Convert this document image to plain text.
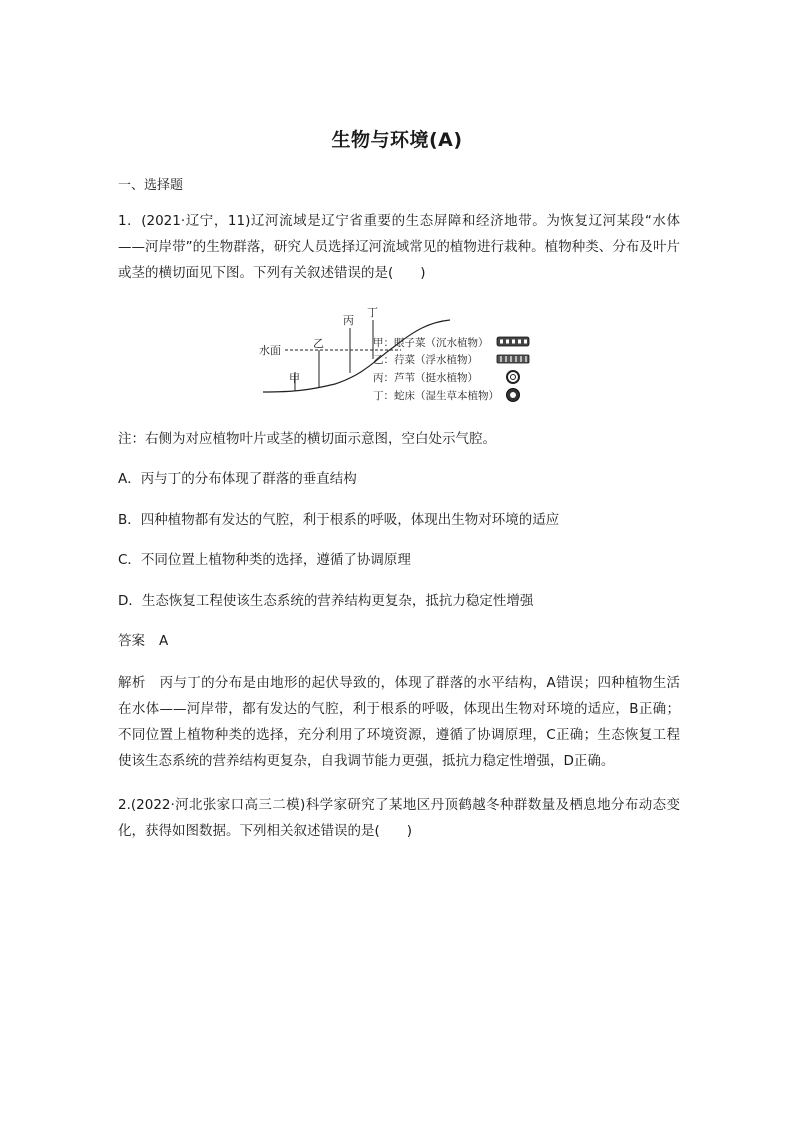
生物与环境(A)
一、选择题
1．(2021·辽宁，11)辽河流域是辽宁省重要的生态屏障和经济地带。为恢复辽河某段“水体——河岸带”的生物群落，研究人员选择辽河流域常见的植物进行栽种。植物种类、分布及叶片或茎的横切面见下图。下列有关叙述错误的是(　　)
水面
甲
乙
丙
丁
甲：眼子菜（沉水植物）
乙：荇菜（浮水植物）
丙：芦苇（挺水植物）
丁：蛇床（湿生草本植物）
注：右侧为对应植物叶片或茎的横切面示意图，空白处示气腔。
A．丙与丁的分布体现了群落的垂直结构
B．四种植物都有发达的气腔，利于根系的呼吸，体现出生物对环境的适应
C．不同位置上植物种类的选择，遵循了协调原理
D．生态恢复工程使该生态系统的营养结构更复杂，抵抗力稳定性增强
答案 A
解析 丙与丁的分布是由地形的起伏导致的，体现了群落的水平结构，A错误；四种植物生活在水体——河岸带，都有发达的气腔，利于根系的呼吸，体现出生物对环境的适应，B正确；不同位置上植物种类的选择，充分利用了环境资源，遵循了协调原理，C正确；生态恢复工程使该生态系统的营养结构更复杂，自我调节能力更强，抵抗力稳定性增强，D正确。
2.(2022·河北张家口高三二模)科学家研究了某地区丹顶鹤越冬种群数量及栖息地分布动态变化，获得如图数据。下列相关叙述错误的是(　　)
